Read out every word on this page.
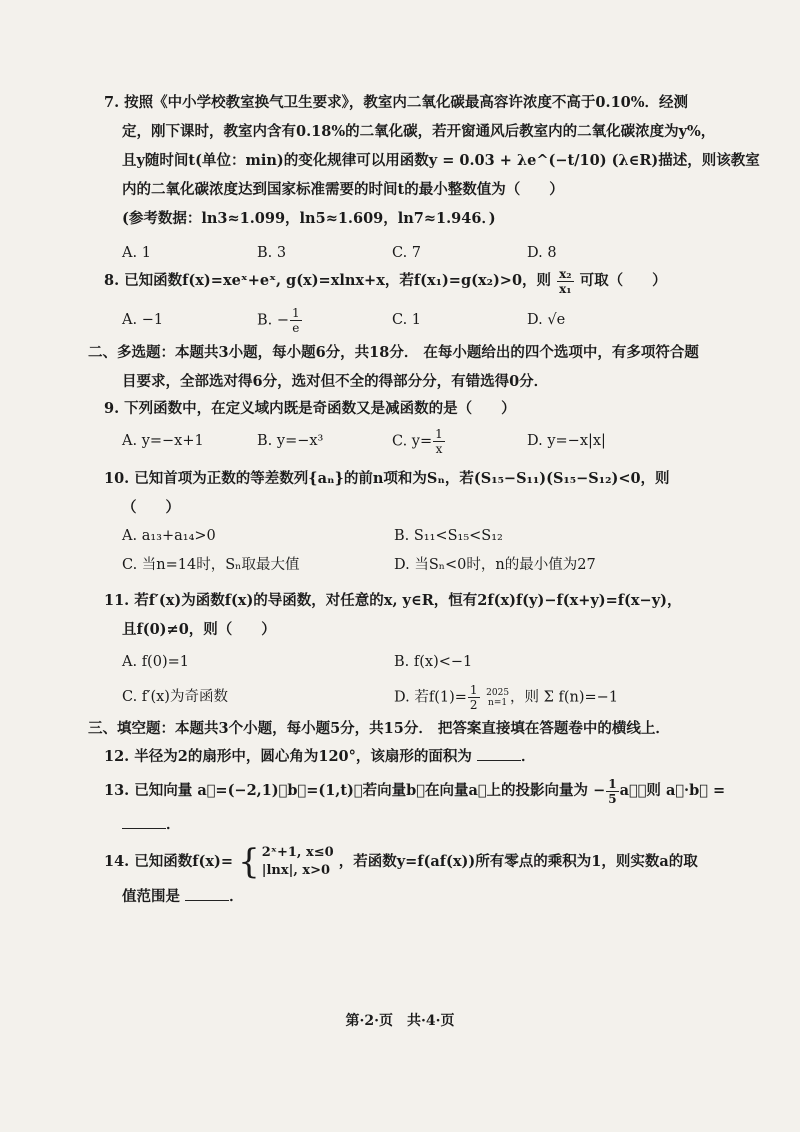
7. 按照《中小学校教室换气卫生要求》，教室内二氧化碳最高容许浓度不高于0.10%．经测
定，刚下课时，教室内含有0.18%的二氧化碳，若开窗通风后教室内的二氧化碳浓度为y%，
且y随时间t(单位：min)的变化规律可以用函数y = 0.03 + λe^(−t/10) (λ∈R)描述，则该教室
内的二氧化碳浓度达到国家标准需要的时间t的最小整数值为（　　）
(参考数据：ln3≈1.099，ln5≈1.609，ln7≈1.946．)
A. 1	B. 3	C. 7	D. 8
8. 已知函数f(x)=xeˣ+eˣ, g(x)=xlnx+x，若f(x₁)=g(x₂)>0，则 $\frac{\text{x₂}}{\text{x₁}}$ 可取（　　）
A. −1	B. − $\frac{1}{e}$	C. 1	D. √e
二、多选题：本题共3小题，每小题6分，共18分． 在每小题给出的四个选项中，有多项符合题
目要求，全部选对得6分，选对但不全的得部分分，有错选得0分．
9. 下列函数中，在定义域内既是奇函数又是减函数的是（　　）
A. y=−x+1	B. y=−x³	C. $y= \frac{1}{x}$	D. y=−x|x|
10. 已知首项为正数的等差数列{aₙ}的前n项和为Sₙ，若(S₁₅−S₁₁)(S₁₅−S₁₂)<0，则
（　　）
A. a₁₃+a₁₄>0	B. S₁₁<S₁₅<S₁₂
C. 当n=14时，Sₙ取最大值	D. 当Sₙ<0时，n的最小值为27
11. 若f′(x)为函数f(x)的导函数，对任意的x, y∈R，恒有2f(x)f(y)−f(x+y)=f(x−y)，
且f(0)≠0，则（　　）
A. f(0)=1	B. f(x)<−1
C. f′(x)为奇函数	D. 若$f(1)= \frac{1}{2}$
2025
n=1 ，则 Σ f(n)=−1
三、填空题：本题共3个小题，每小题5分，共15分． 把答案直接填在答题卷中的横线上．
12. 半径为2的扇形中，圆心角为120°，该扇形的面积为	．
13. 已知向量 a⃗=(−2,1)，b⃗=(1,t)，若向量b⃗在向量a⃗上的投影向量为 − $\frac{1}{5}$ a⃗，则 a⃗·b⃗ =
．
14. 已知函数f(x)= { 2ˣ+1, x≤0
|lnx|, x>0
，若函数y=f(af(x))所有零点的乘积为1，则实数a的取
值范围是	．
第·2·页　共·4·页
